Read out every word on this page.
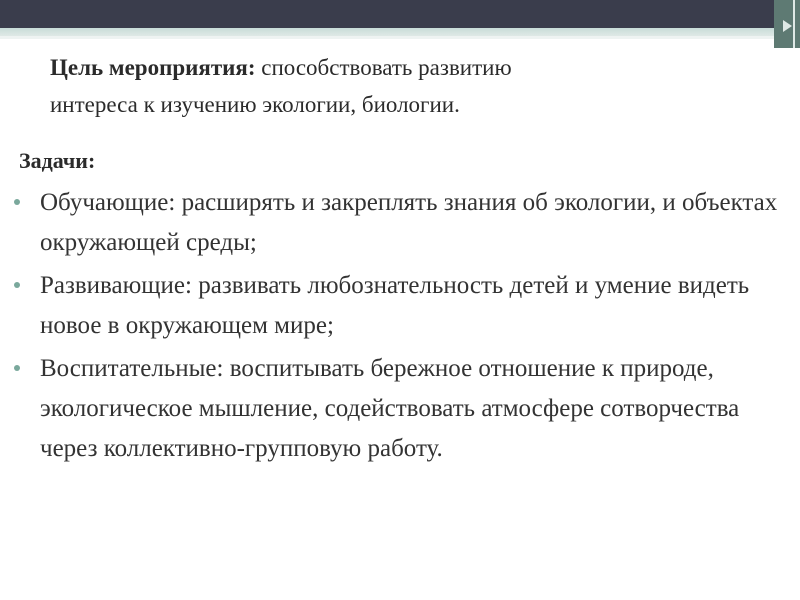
Цель мероприятия: способствовать развитию
интереса к изучению экологии, биологии.
Задачи:
Обучающие: расширять и закреплять знания об экологии, и объектах окружающей среды;
Развивающие: развивать любознательность детей и умение видеть новое в окружающем мире;
Воспитательные: воспитывать бережное отношение к природе, экологическое мышление, содействовать атмосфере сотворчества через коллективно-групповую работу.
